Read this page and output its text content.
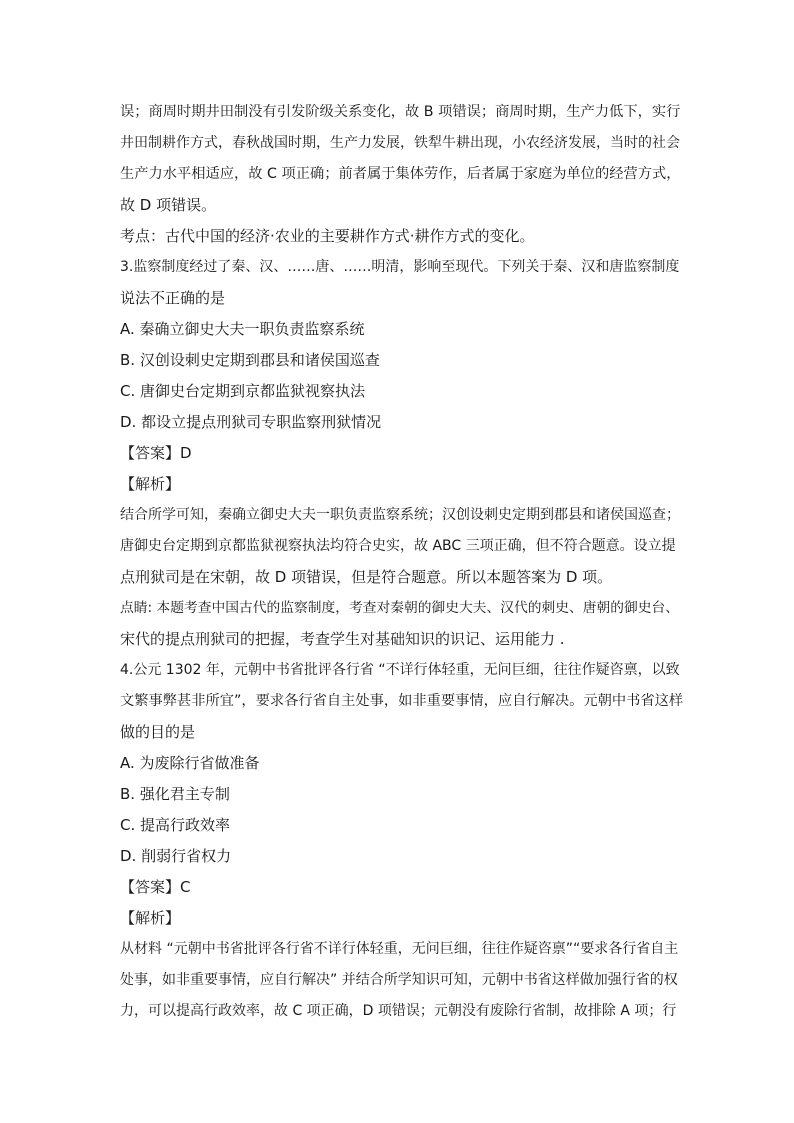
误；商周时期井田制没有引发阶级关系变化，故 B 项错误；商周时期，生产力低下，实行
井田制耕作方式，春秋战国时期，生产力发展，铁犁牛耕出现，小农经济发展，当时的社会
生产力水平相适应，故 C 项正确；前者属于集体劳作，后者属于家庭为单位的经营方式，
故 D 项错误。
考点：古代中国的经济·农业的主要耕作方式·耕作方式的变化。
3.监察制度经过了秦、汉、……唐、……明清，影响至现代。下列关于秦、汉和唐监察制度
说法不正确的是
A. 秦确立御史大夫一职负责监察系统
B. 汉创设刺史定期到郡县和诸侯国巡查
C. 唐御史台定期到京都监狱视察执法
D. 都设立提点刑狱司专职监察刑狱情况
【答案】D
【解析】
结合所学可知，秦确立御史大夫一职负责监察系统；汉创设刺史定期到郡县和诸侯国巡查；
唐御史台定期到京都监狱视察执法均符合史实，故 ABC 三项正确，但不符合题意。设立提
点刑狱司是在宋朝，故 D 项错误，但是符合题意。所以本题答案为 D 项。
点睛: 本题考查中国古代的监察制度，考查对秦朝的御史大夫、汉代的刺史、唐朝的御史台、
宋代的提点刑狱司的把握，考查学生对基础知识的识记、运用能力 .
4.公元 1302 年，元朝中书省批评各行省 “不详行体轻重，无问巨细，往往作疑咨禀，以致
文繁事弊甚非所宜”，要求各行省自主处事，如非重要事情，应自行解决。元朝中书省这样
做的目的是
A. 为废除行省做准备
B. 强化君主专制
C. 提高行政效率
D. 削弱行省权力
【答案】C
【解析】
从材料 “元朝中书省批评各行省不详行体轻重，无问巨细，往往作疑咨禀”“要求各行省自主
处事，如非重要事情，应自行解决” 并结合所学知识可知，元朝中书省这样做加强行省的权
力，可以提高行政效率，故 C 项正确，D 项错误；元朝没有废除行省制，故排除 A 项；行
